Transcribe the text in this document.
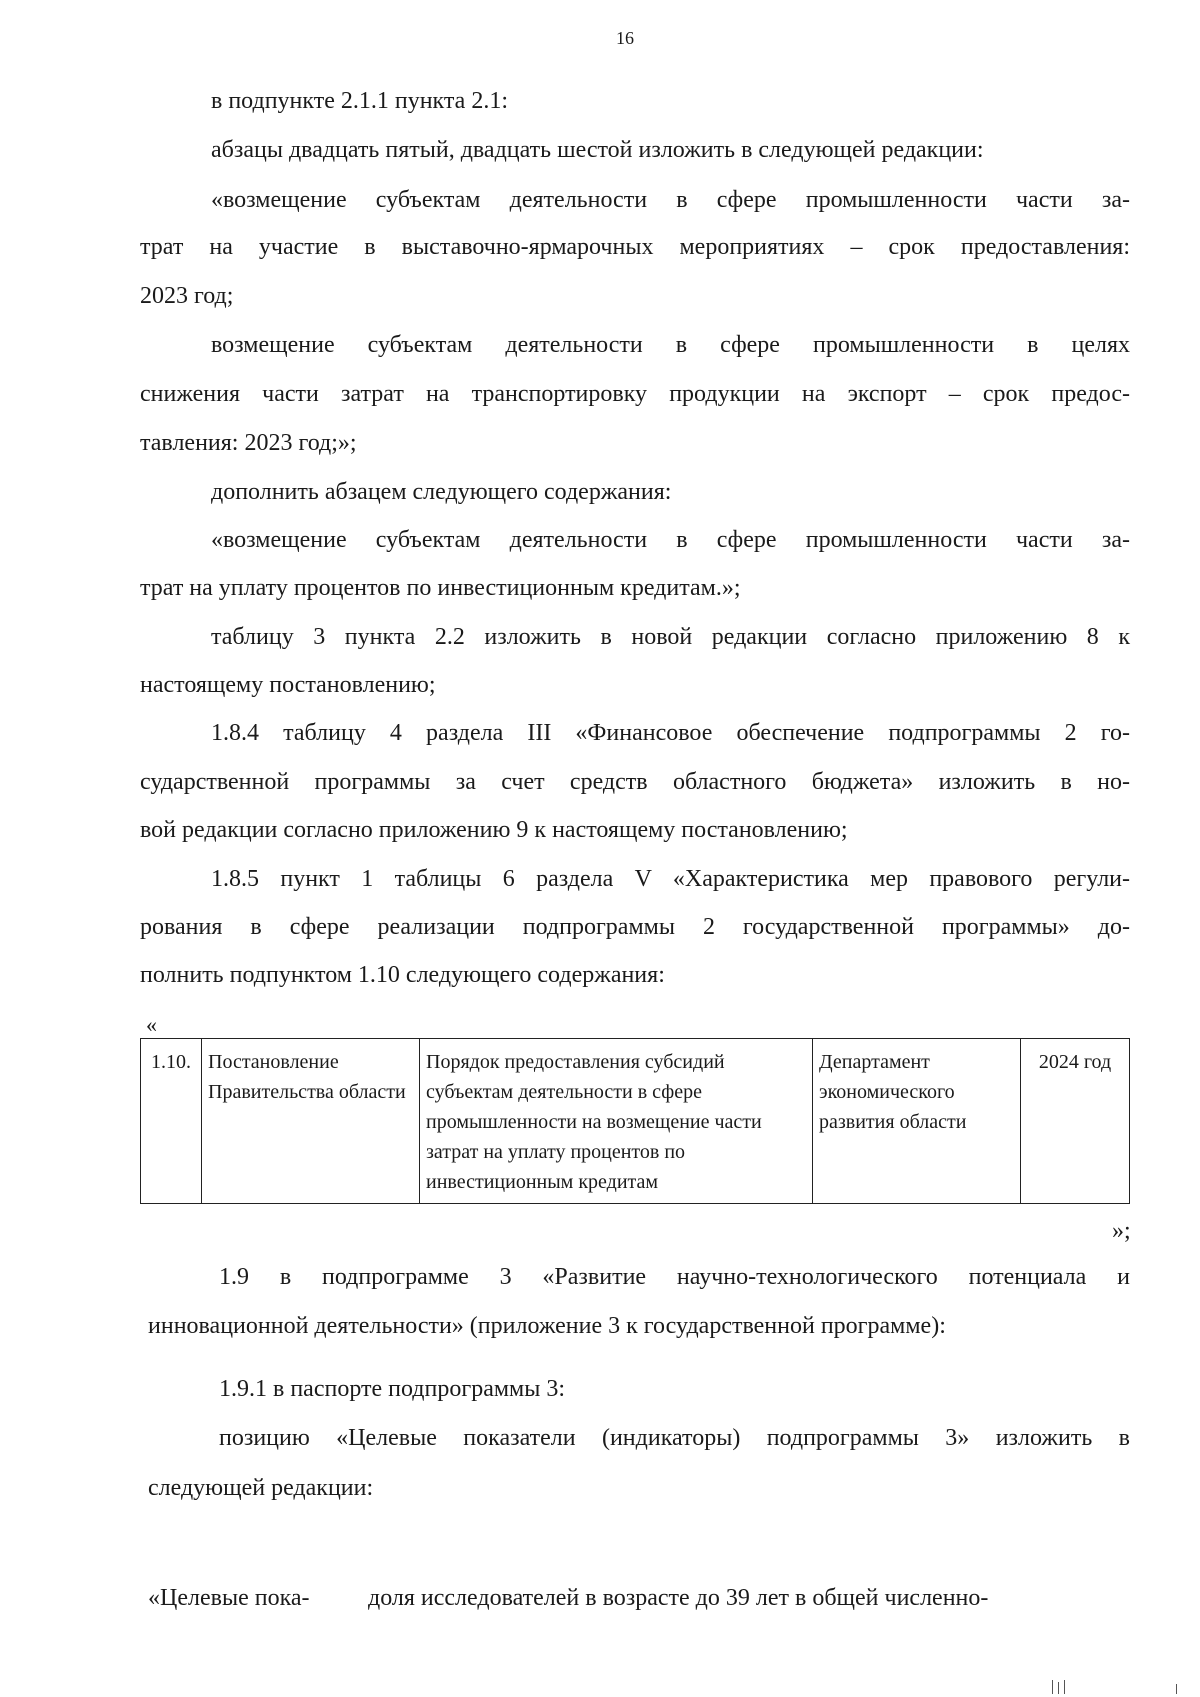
16
в подпункте 2.1.1 пункта 2.1:
абзацы двадцать пятый, двадцать шестой изложить в следующей редакции:
«возмещение субъектам деятельности в сфере промышленности части за-
трат на участие в выставочно-ярмарочных мероприятиях – срок предоставления:
2023 год;
возмещение субъектам деятельности в сфере промышленности в целях
снижения части затрат на транспортировку продукции на экспорт – срок предос-
тавления: 2023 год;»;
дополнить абзацем следующего содержания:
«возмещение субъектам деятельности в сфере промышленности части за-
трат на уплату процентов по инвестиционным кредитам.»;
таблицу 3 пункта 2.2 изложить в новой редакции согласно приложению 8 к
настоящему постановлению;
1.8.4 таблицу 4 раздела III «Финансовое обеспечение подпрограммы 2 го-
сударственной программы за счет средств областного бюджета» изложить в но-
вой редакции согласно приложению 9 к настоящему постановлению;
1.8.5 пункт 1 таблицы 6 раздела V «Характеристика мер правового регули-
рования в сфере реализации подпрограммы 2 государственной программы» до-
полнить подпунктом 1.10 следующего содержания:
«
1.10.	Постановление Правительства области	Порядок предоставления субсидий субъектам деятельности в сфере промышленности на возмещение части затрат на уплату процентов по инвестиционным кредитам	Департамент экономического развития области	2024 год
»;
1.9 в подпрограмме 3 «Развитие научно-технологического потенциала и
инновационной деятельности» (приложение 3 к государственной программе):
1.9.1 в паспорте подпрограммы 3:
позицию «Целевые показатели (индикаторы) подпрограммы 3» изложить в
следующей редакции:
«Целевые пока- доля исследователей в возрасте до 39 лет в общей численно-
